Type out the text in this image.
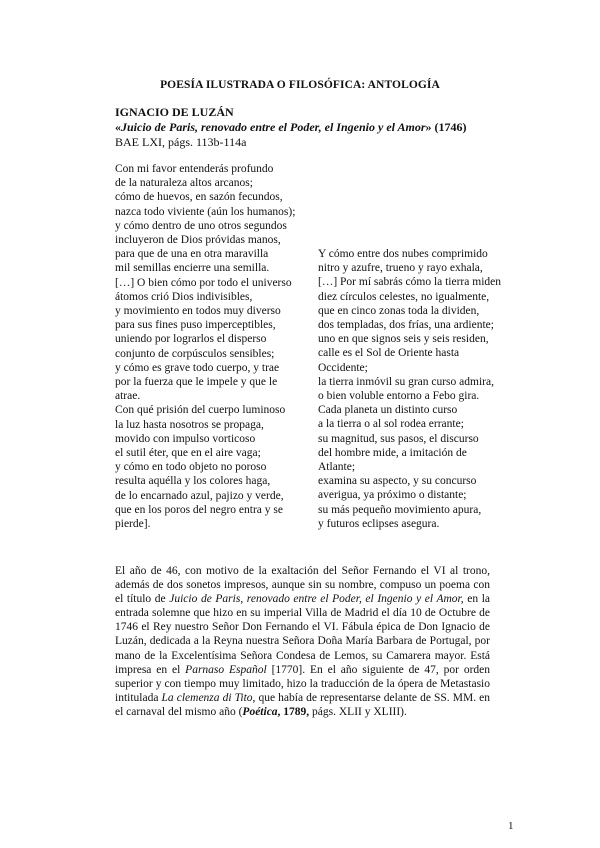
POESÍA ILUSTRADA O FILOSÓFICA: ANTOLOGÍA
IGNACIO DE LUZÁN
«Juicio de Paris, renovado entre el Poder, el Ingenio y el Amor» (1746)
BAE LXI, págs. 113b-114a
Con mi favor entenderás profundo
de la naturaleza altos arcanos;
cómo de huevos, en sazón fecundos,
nazca todo viviente (aún los humanos);
y cómo dentro de uno otros segundos
incluyeron de Dios próvidas manos,
para que de una en otra maravilla
mil semillas encierre una semilla.
[…] O bien cómo por todo el universo
átomos crió Dios indivisibles,
y movimiento en todos muy diverso
para sus fines puso imperceptibles,
uniendo por lograrlos el disperso
conjunto de corpúsculos sensibles;
y cómo es grave todo cuerpo, y trae
por la fuerza que le impele y que le
atrae.
Con qué prisión del cuerpo luminoso
la luz hasta nosotros se propaga,
movido con impulso vorticoso
el sutil éter, que en el aire vaga;
y cómo en todo objeto no poroso
resulta aquélla y los colores haga,
de lo encarnado azul, pajizo y verde,
que en los poros del negro entra y se
pierde].
Y cómo entre dos nubes comprimido
nitro y azufre, trueno y rayo exhala,
[…] Por mí sabrás cómo la tierra miden
diez círculos celestes, no igualmente,
que en cinco zonas toda la dividen,
dos templadas, dos frías, una ardiente;
uno en que signos seis y seis residen,
calle es el Sol de Oriente hasta
Occidente;
la tierra inmóvil su gran curso admira,
o bien voluble entorno a Febo gira.
Cada planeta un distinto curso
a la tierra o al sol rodea errante;
su magnitud, sus pasos, el discurso
del hombre mide, a imitación de
Atlante;
examina su aspecto, y su concurso
averigua, ya próximo o distante;
su más pequeño movimiento apura,
y futuros eclipses asegura.
El año de 46, con motivo de la exaltación del Señor Fernando el VI al trono, además de dos sonetos impresos, aunque sin su nombre, compuso un poema con el título de Juicio de Paris, renovado entre el Poder, el Ingenio y el Amor, en la entrada solemne que hizo en su imperial Villa de Madrid el día 10 de Octubre de 1746 el Rey nuestro Señor Don Fernando el VI. Fábula épica de Don Ignacio de Luzán, dedicada a la Reyna nuestra Señora Doña María Barbara de Portugal, por mano de la Excelentísima Señora Condesa de Lemos, su Camarera mayor. Está impresa en el Parnaso Español [1770]. En el año siguiente de 47, por orden superior y con tiempo muy limitado, hizo la traducción de la ópera de Metastasio intitulada La clemenza di Tito, que había de representarse delante de SS. MM. en el carnaval del mismo año (Poética, 1789, págs. XLII y XLIII).
1
